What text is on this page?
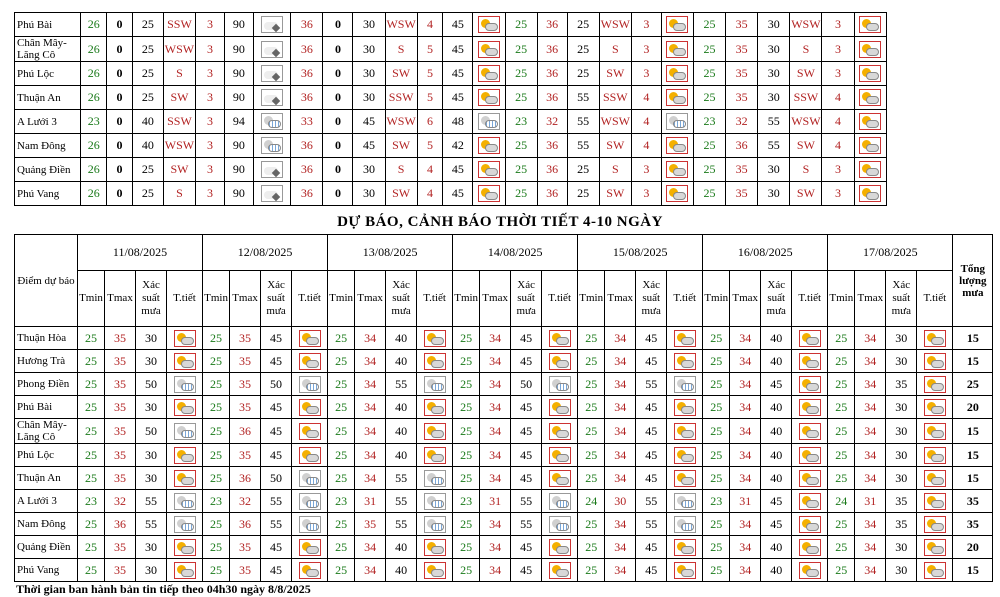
Phú Bài	26	0	25	SSW	3	90		36	0	30	WSW	4	45		25	36	25	WSW	3		25	35	30	WSW	3	
Chân Mây-Lăng Cô	26	0	25	WSW	3	90		36	0	30	S	5	45		25	36	25	S	3		25	35	30	S	3	
Phú Lộc	26	0	25	S	3	90		36	0	30	SW	5	45		25	36	25	SW	3		25	35	30	SW	3	
Thuận An	26	0	25	SW	3	90		36	0	30	SSW	5	45		25	36	55	SSW	4		25	35	30	SSW	4	
A Lưới 3	23	0	40	SSW	3	94		33	0	45	WSW	6	48		23	32	55	WSW	4		23	32	55	WSW	4	
Nam Đông	26	0	40	WSW	3	90		36	0	45	SW	5	42		25	36	55	SW	4		25	36	55	SW	4	
Quảng Điền	26	0	25	SW	3	90		36	0	30	S	4	45		25	36	25	S	3		25	35	30	S	3	
Phú Vang	26	0	25	S	3	90		36	0	30	SW	4	45		25	36	25	SW	3		25	35	30	SW	3	
DỰ BÁO, CẢNH BÁO THỜI TIẾT 4-10 NGÀY
Điểm dự báo	11/08/2025				12/08/2025				13/08/2025				14/08/2025				15/08/2025				16/08/2025				17/08/2025				Tổng lượng mưa
	Tmin	Tmax	Xác suất mưa	T.tiết	Tmin	Tmax	Xác suất mưa	T.tiết	Tmin	Tmax	Xác suất mưa	T.tiết	Tmin	Tmax	Xác suất mưa	T.tiết	Tmin	Tmax	Xác suất mưa	T.tiết	Tmin	Tmax	Xác suất mưa	T.tiết	Tmin	Tmax	Xác suất mưa	T.tiết	
Thuận Hòa	25	35	30		25	35	45		25	34	40		25	34	45		25	34	45		25	34	40		25	34	30		15
Hương Trà	25	35	30		25	35	45		25	34	40		25	34	45		25	34	45		25	34	40		25	34	30		15
Phong Điền	25	35	50		25	35	50		25	34	55		25	34	50		25	34	55		25	34	45		25	34	35		25
Phú Bài	25	35	30		25	35	45		25	34	40		25	34	45		25	34	45		25	34	40		25	34	30		20
Chân Mây-Lăng Cô	25	35	50		25	36	45		25	34	40		25	34	45		25	34	45		25	34	40		25	34	30		15
Phú Lộc	25	35	30		25	35	45		25	34	40		25	34	45		25	34	45		25	34	40		25	34	30		15
Thuận An	25	35	30		25	36	50		25	34	55		25	34	45		25	34	45		25	34	40		25	34	30		15
A Lưới 3	23	32	55		23	32	55		23	31	55		23	31	55		24	30	55		23	31	45		24	31	35		35
Nam Đông	25	36	55		25	36	55		25	35	55		25	34	55		25	34	55		25	34	45		25	34	35		35
Quảng Điền	25	35	30		25	35	45		25	34	40		25	34	45		25	34	45		25	34	40		25	34	30		20
Phú Vang	25	35	30		25	35	45		25	34	40		25	34	45		25	34	45		25	34	40		25	34	30		15
Thời gian ban hành bản tin tiếp theo 04h30 ngày 8/8/2025
